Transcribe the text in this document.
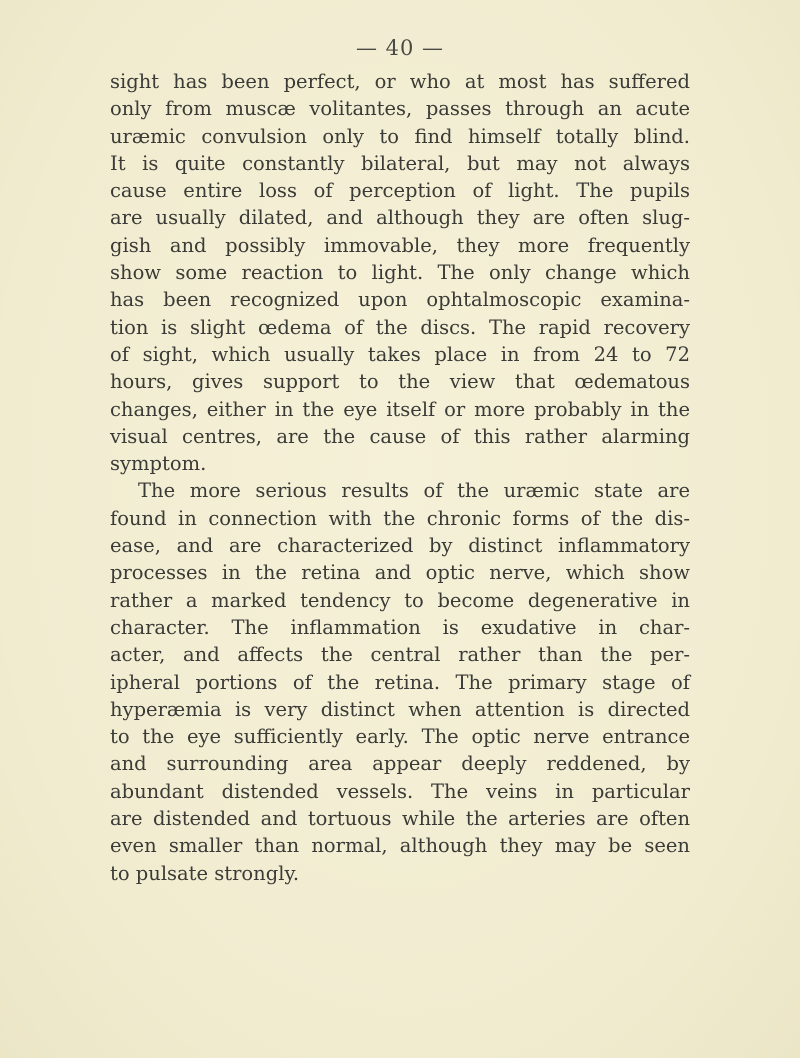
— 40 —
sight has been perfect, or who at most has suffered
only from muscæ volitantes, passes through an acute
uræmic convulsion only to find himself totally blind.
It is quite constantly bilateral, but may not always
cause entire loss of perception of light. The pupils
are usually dilated, and although they are often slug-
gish and possibly immovable, they more frequently
show some reaction to light. The only change which
has been recognized upon ophtalmoscopic examina-
tion is slight œdema of the discs. The rapid recovery
of sight, which usually takes place in from 24 to 72
hours, gives support to the view that œdematous
changes, either in the eye itself or more probably in the
visual centres, are the cause of this rather alarming
symptom.
The more serious results of the uræmic state are
found in connection with the chronic forms of the dis-
ease, and are characterized by distinct inflammatory
processes in the retina and optic nerve, which show
rather a marked tendency to become degenerative in
character. The inflammation is exudative in char-
acter, and affects the central rather than the per-
ipheral portions of the retina. The primary stage of
hyperæmia is very distinct when attention is directed
to the eye sufficiently early. The optic nerve entrance
and surrounding area appear deeply reddened, by
abundant distended vessels. The veins in particular
are distended and tortuous while the arteries are often
even smaller than normal, although they may be seen
to pulsate strongly.
